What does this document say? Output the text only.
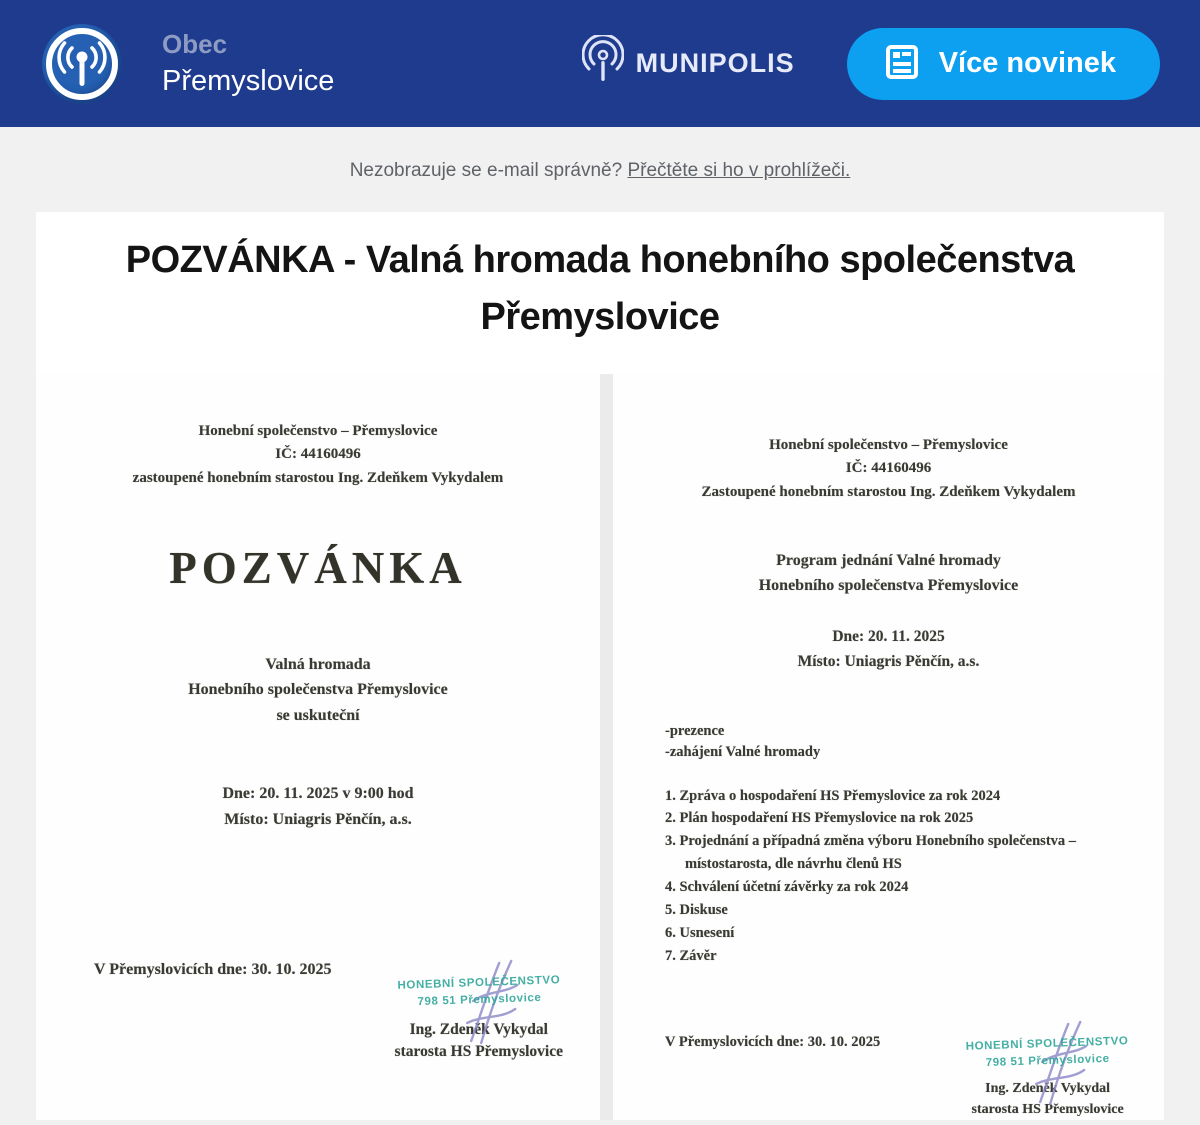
Obec
Přemyslovice
MUNIPOLIS	Více novinek
Nezobrazuje se e-mail správně? Přečtěte si ho v prohlížeči.
POZVÁNKA - Valná hromada honebního společenstva Přemyslovice
Honební společenstvo – Přemyslovice
IČ: 44160496
zastoupené honebním starostou Ing. Zdeňkem Vykydalem
POZVÁNKA
Valná hromada
Honebního společenstva Přemyslovice
se uskuteční
Dne: 20. 11. 2025 v 9:00 hod
Místo: Uniagris Pěnčín, a.s.
V Přemyslovicích dne: 30. 10. 2025
HONEBNÍ SPOLEČENSTVO
798 51 Přemyslovice
Ing. Zdeněk Vykydal
starosta HS Přemyslovice
Honební společenstvo – Přemyslovice
IČ: 44160496
Zastoupené honebním starostou Ing. Zdeňkem Vykydalem
Program jednání Valné hromady
Honebního společenstva Přemyslovice
Dne: 20. 11. 2025
Místo: Uniagris Pěnčín, a.s.
-prezence
-zahájení Valné hromady
1. Zpráva o hospodaření HS Přemyslovice za rok 2024
2. Plán hospodaření HS Přemyslovice na rok 2025
3. Projednání a případná změna výboru Honebního společenstva – místostarosta, dle návrhu členů HS
4. Schválení účetní závěrky za rok 2024
5. Diskuse
6. Usnesení
7. Závěr
V Přemyslovicích dne: 30. 10. 2025	HONEBNÍ SPOLEČENSTVO
798 51 Přemyslovice
Ing. Zdeněk Vykydal
starosta HS Přemyslovice
